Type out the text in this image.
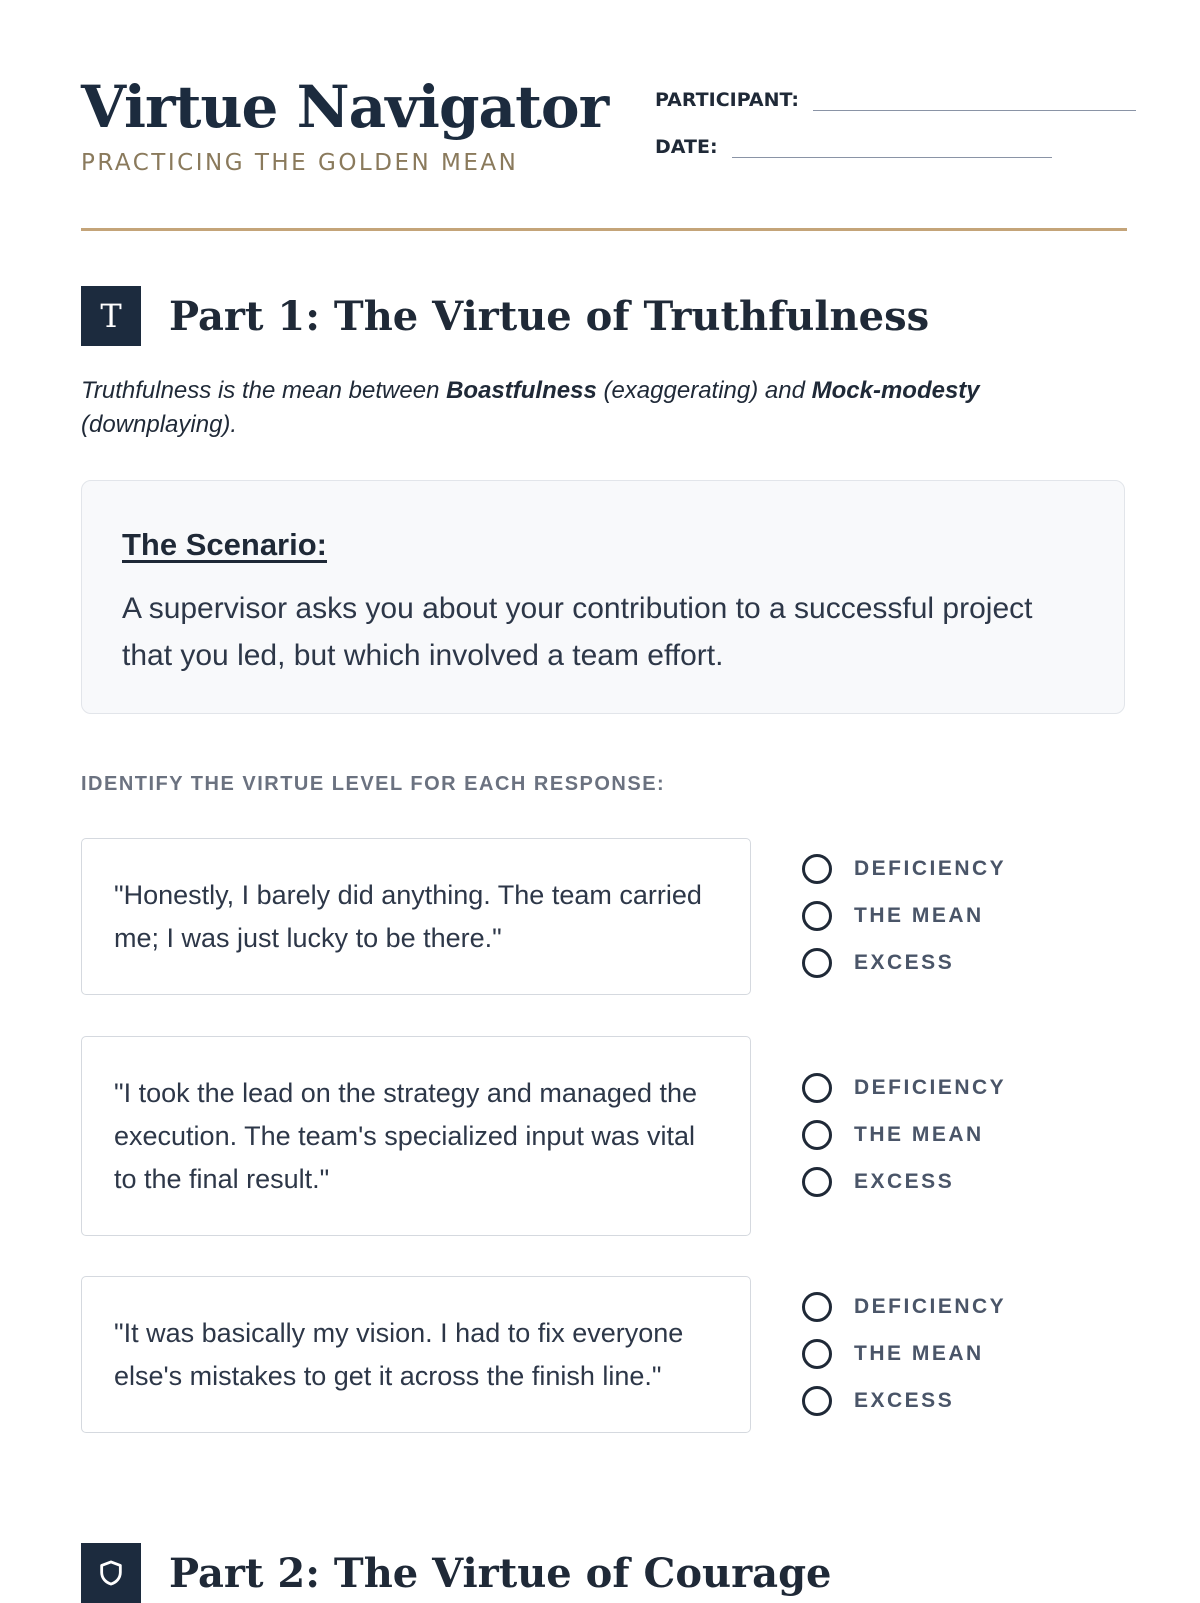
Virtue Navigator
PRACTICING THE GOLDEN MEAN
PARTICIPANT:
DATE:
T	Part 1: The Virtue of Truthfulness
Truthfulness is the mean between Boastfulness (exaggerating) and Mock-modesty (downplaying).
The Scenario:
A supervisor asks you about your contribution to a successful project that you led, but which involved a team effort.
IDENTIFY THE VIRTUE LEVEL FOR EACH RESPONSE:
"Honestly, I barely did anything. The team carried me; I was just lucky to be there."
DEFICIENCY
THE MEAN
EXCESS
"I took the lead on the strategy and managed the execution. The team's specialized input was vital to the final result."
DEFICIENCY
THE MEAN
EXCESS
"It was basically my vision. I had to fix everyone else's mistakes to get it across the finish line."
DEFICIENCY
THE MEAN
EXCESS
Part 2: The Virtue of Courage
